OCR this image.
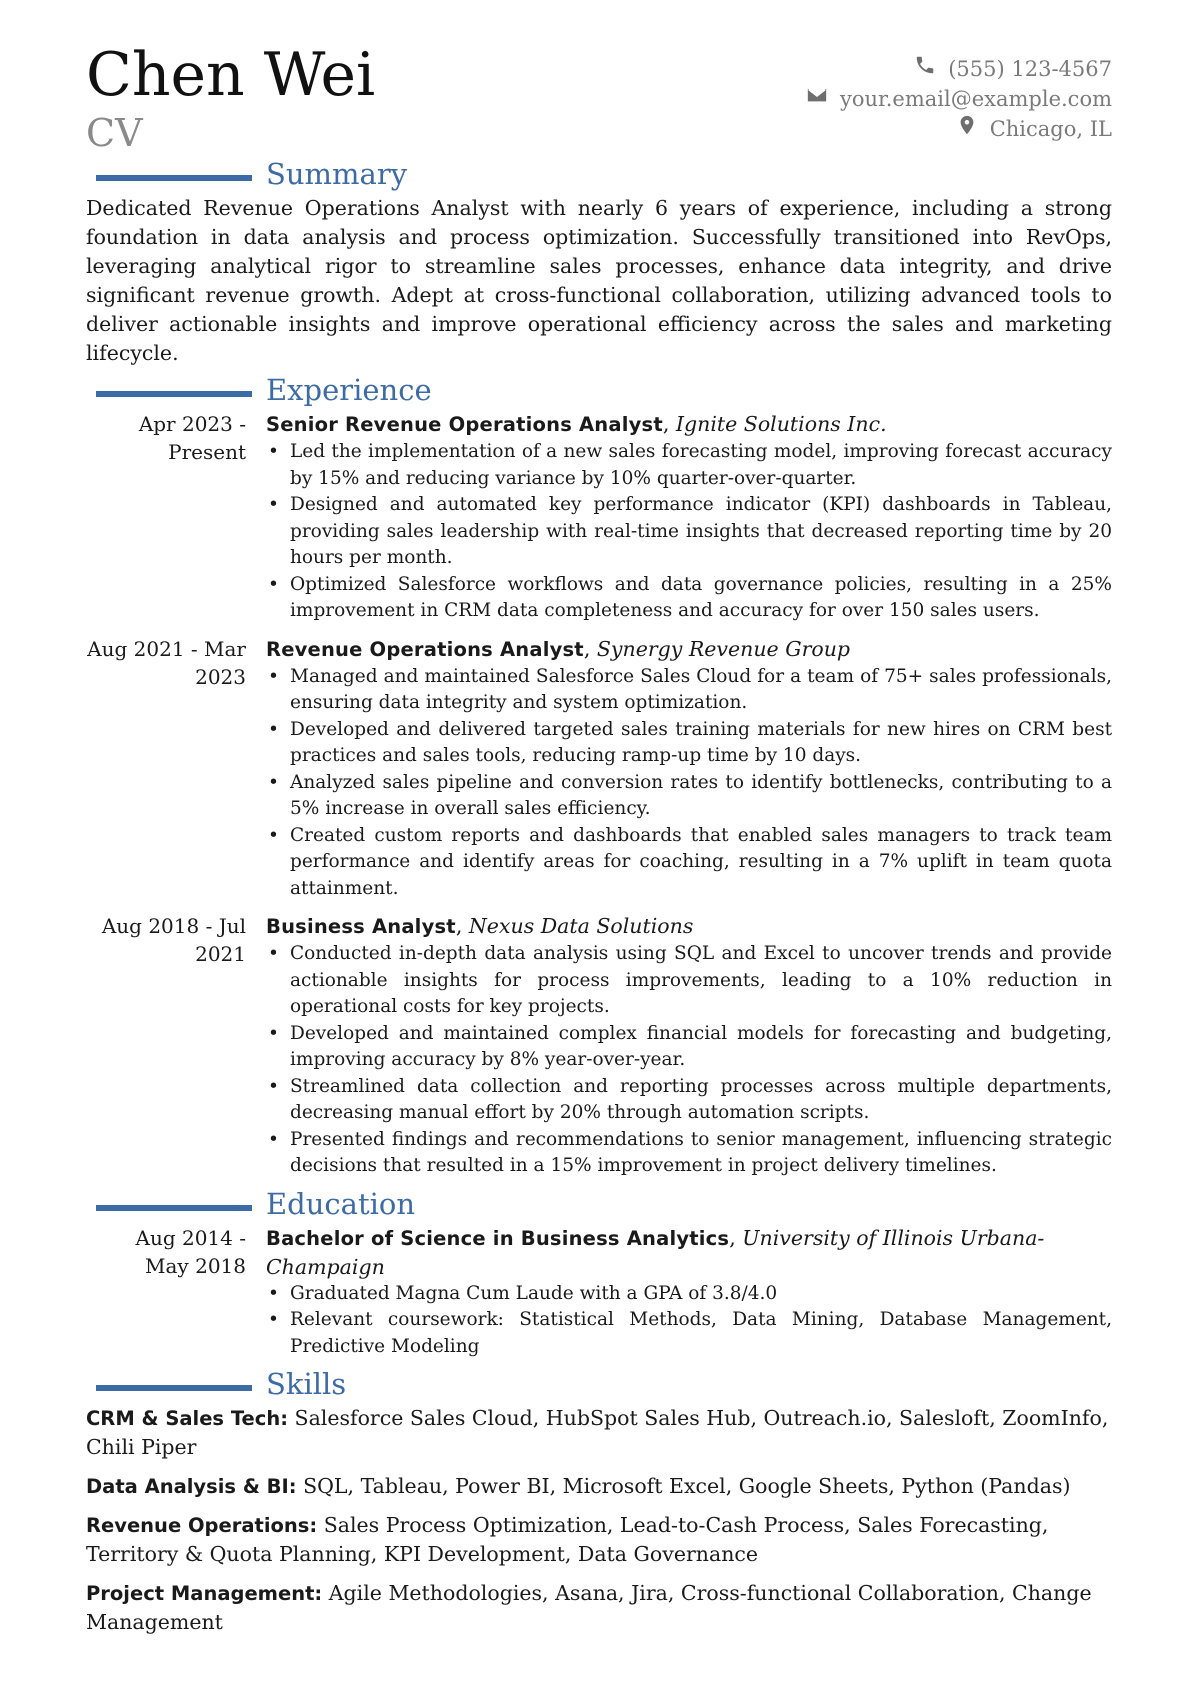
Chen Wei
CV
(555) 123-4567
your.email@example.com
Chicago, IL
Summary

Dedicated Revenue Operations Analyst with nearly 6 years of experience, including a strong foundation in data analysis and process optimization. Successfully transitioned into RevOps, leveraging analytical rigor to streamline sales processes, enhance data integrity, and drive significant revenue growth. Adept at cross-functional collaboration, utilizing advanced tools to deliver actionable insights and improve operational efficiency across the sales and marketing lifecycle.

Experience
Apr 2023 - Present
Senior Revenue Operations Analyst, Ignite Solutions Inc.
• Led the implementation of a new sales forecasting model, improving forecast accuracy by 15% and reducing variance by 10% quarter-over-quarter.
• Designed and automated key performance indicator (KPI) dashboards in Tableau, providing sales leadership with real-time insights that decreased reporting time by 20 hours per month.
• Optimized Salesforce workflows and data governance policies, resulting in a 25% improvement in CRM data completeness and accuracy for over 150 sales users.
Aug 2021 - Mar 2023
Revenue Operations Analyst, Synergy Revenue Group
• Managed and maintained Salesforce Sales Cloud for a team of 75+ sales professionals, ensuring data integrity and system optimization.
• Developed and delivered targeted sales training materials for new hires on CRM best practices and sales tools, reducing ramp-up time by 10 days.
• Analyzed sales pipeline and conversion rates to identify bottlenecks, contributing to a 5% increase in overall sales efficiency.
• Created custom reports and dashboards that enabled sales managers to track team performance and identify areas for coaching, resulting in a 7% uplift in team quota attainment.
Aug 2018 - Jul 2021
Business Analyst, Nexus Data Solutions
• Conducted in-depth data analysis using SQL and Excel to uncover trends and provide actionable insights for process improvements, leading to a 10% reduction in operational costs for key projects.
• Developed and maintained complex financial models for forecasting and budgeting, improving accuracy by 8% year-over-year.
• Streamlined data collection and reporting processes across multiple departments, decreasing manual effort by 20% through automation scripts.
• Presented findings and recommendations to senior management, influencing strategic decisions that resulted in a 15% improvement in project delivery timelines.
Education
Aug 2014 - May 2018
Bachelor of Science in Business Analytics, University of Illinois Urbana-Champaign
• Graduated Magna Cum Laude with a GPA of 3.8/4.0
• Relevant coursework: Statistical Methods, Data Mining, Database Management, Predictive Modeling
Skills

CRM & Sales Tech: Salesforce Sales Cloud, HubSpot Sales Hub, Outreach.io, Salesloft, ZoomInfo, Chili Piper

Data Analysis & BI: SQL, Tableau, Power BI, Microsoft Excel, Google Sheets, Python (Pandas)

Revenue Operations: Sales Process Optimization, Lead-to-Cash Process, Sales Forecasting, Territory & Quota Planning, KPI Development, Data Governance

Project Management: Agile Methodologies, Asana, Jira, Cross-functional Collaboration, Change Management
